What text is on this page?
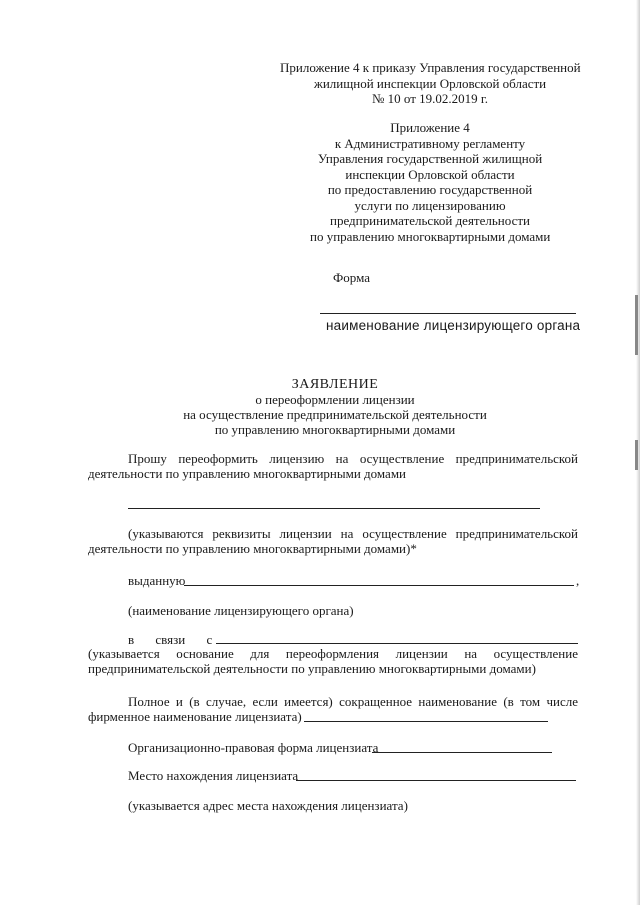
Приложение 4 к приказу Управления государственной
жилищной инспекции Орловской области
№ 10 от 19.02.2019 г.
Приложение 4
к Административному регламенту
Управления государственной жилищной
инспекции Орловской области
по предоставлению государственной
услуги по лицензированию
предпринимательской деятельности
по управлению многоквартирными домами
Форма
наименование лицензирующего органа
ЗАЯВЛЕНИЕ
о переоформлении лицензии
на осуществление предпринимательской деятельности
по управлению многоквартирными домами
Прошу переоформить лицензию на осуществление предпринимательской
деятельности по управлению многоквартирными домами
(указываются реквизиты лицензии на осуществление предпринимательской
деятельности по управлению многоквартирными домами)*
выданную	,
(наименование лицензирующего органа)
в связи с
(указывается основание для переоформления лицензии на осуществление
предпринимательской деятельности по управлению многоквартирными домами)
Полное и (в случае, если имеется) сокращенное наименование (в том числе
фирменное наименование лицензиата)
Организационно-правовая форма лицензиата
Место нахождения лицензиата
(указывается адрес места нахождения лицензиата)
